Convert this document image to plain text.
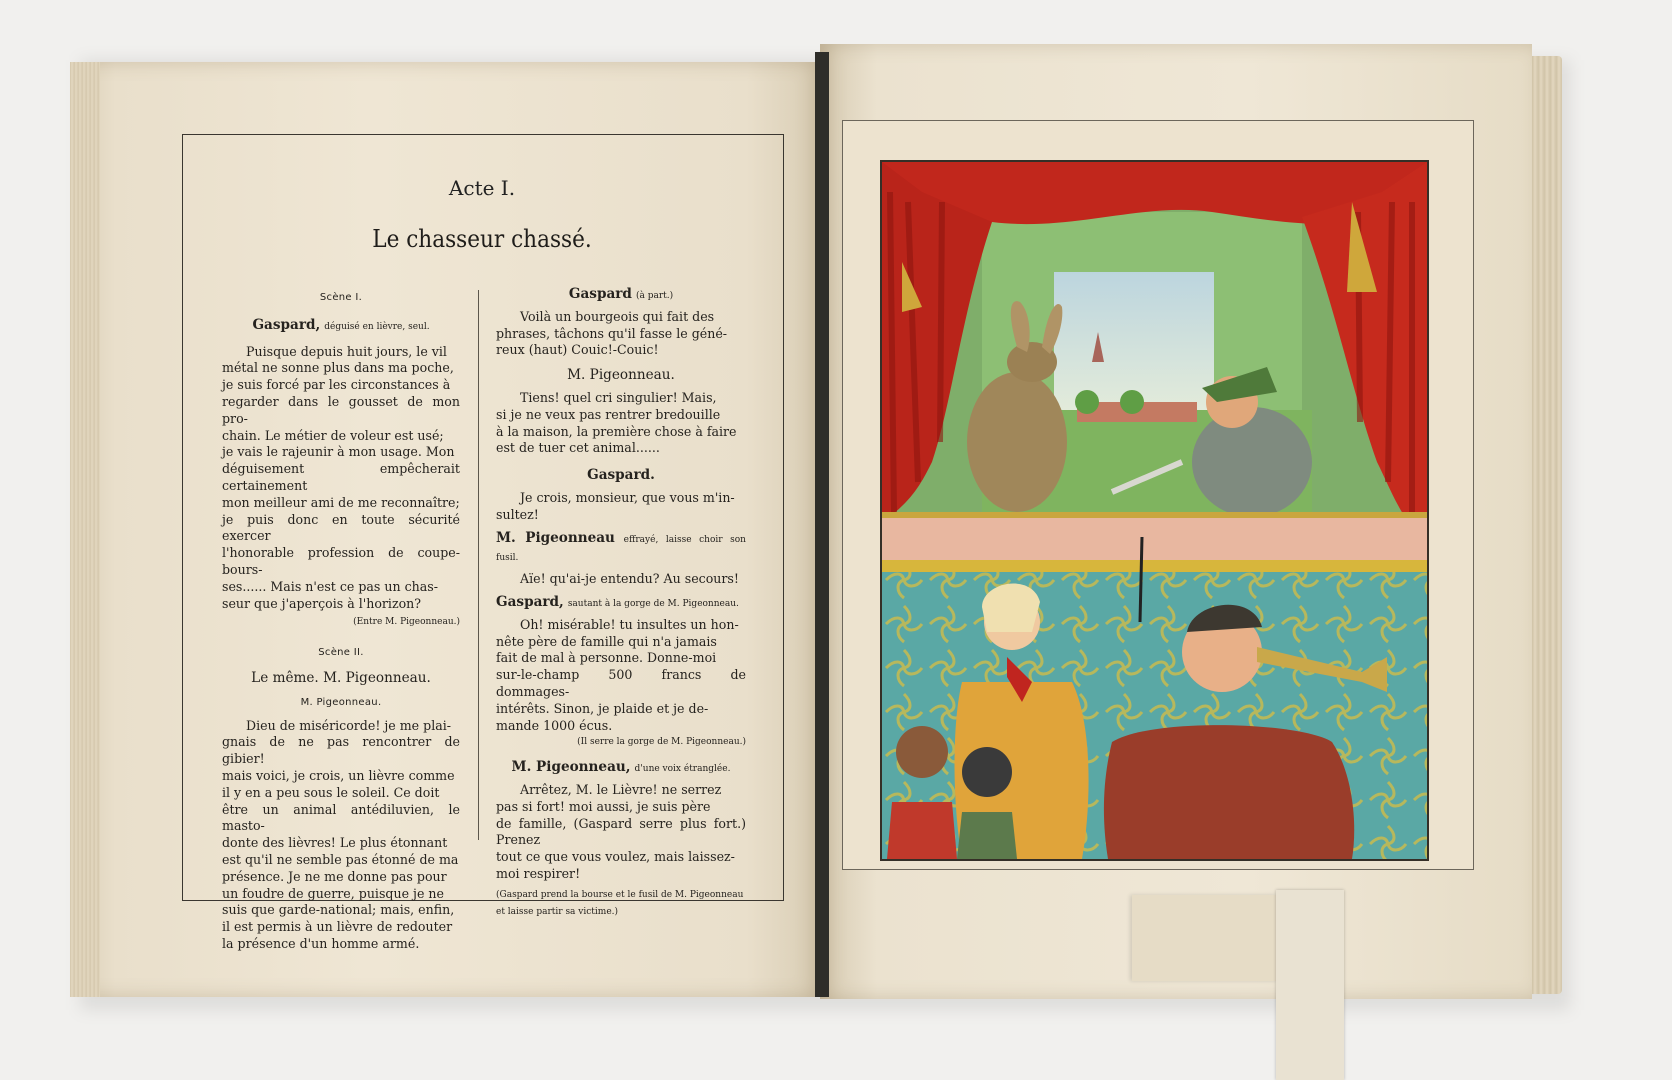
Acte I.
Le chasseur chassé.

Scène I.

Gaspard, déguisé en lièvre, seul.

Puisque depuis huit jours, le vil

métal ne sonne plus dans ma poche,

je suis forcé par les circonstances à

regarder dans le gousset de mon pro-

chain. Le métier de voleur est usé;

je vais le rajeunir à mon usage. Mon

déguisement empêcherait certainement

mon meilleur ami de me reconnaître;

je puis donc en toute sécurité exercer

l'honorable profession de coupe-bours-

ses...... Mais n'est ce pas un chas-

seur que j'aperçois à l'horizon?

(Entre M. Pigeonneau.)

Scène II.

Le même. M. Pigeonneau.

M. Pigeonneau.

Dieu de miséricorde! je me plai-

gnais de ne pas rencontrer de gibier!

mais voici, je crois, un lièvre comme

il y en a peu sous le soleil. Ce doit

être un animal antédiluvien, le masto-

donte des lièvres! Le plus étonnant

est qu'il ne semble pas étonné de ma

présence. Je ne me donne pas pour

un foudre de guerre, puisque je ne

suis que garde-national; mais, enfin,

il est permis à un lièvre de redouter

la présence d'un homme armé.

Gaspard (à part.)

Voilà un bourgeois qui fait des

phrases, tâchons qu'il fasse le géné-

reux (haut) Couic!-Couic!

M. Pigeonneau.

Tiens! quel cri singulier! Mais,

si je ne veux pas rentrer bredouille

à la maison, la première chose à faire

est de tuer cet animal......

Gaspard.

Je crois, monsieur, que vous m'in-

sultez!

M. Pigeonneau effrayé, laisse choir son fusil.

Aïe! qu'ai-je entendu? Au secours!

Gaspard, sautant à la gorge de M. Pigeonneau.

Oh! misérable! tu insultes un hon-

nête père de famille qui n'a jamais

fait de mal à personne. Donne-moi

sur-le-champ 500 francs de dommages-

intérêts. Sinon, je plaide et je de-

mande 1000 écus.

(Il serre la gorge de M. Pigeonneau.)

M. Pigeonneau, d'une voix étranglée.

Arrêtez, M. le Lièvre! ne serrez

pas si fort! moi aussi, je suis père

de famille, (Gaspard serre plus fort.) Prenez

tout ce que vous voulez, mais laissez-

moi respirer!

(Gaspard prend la bourse et le fusil de M. Pigeonneau

et laisse partir sa victime.)
